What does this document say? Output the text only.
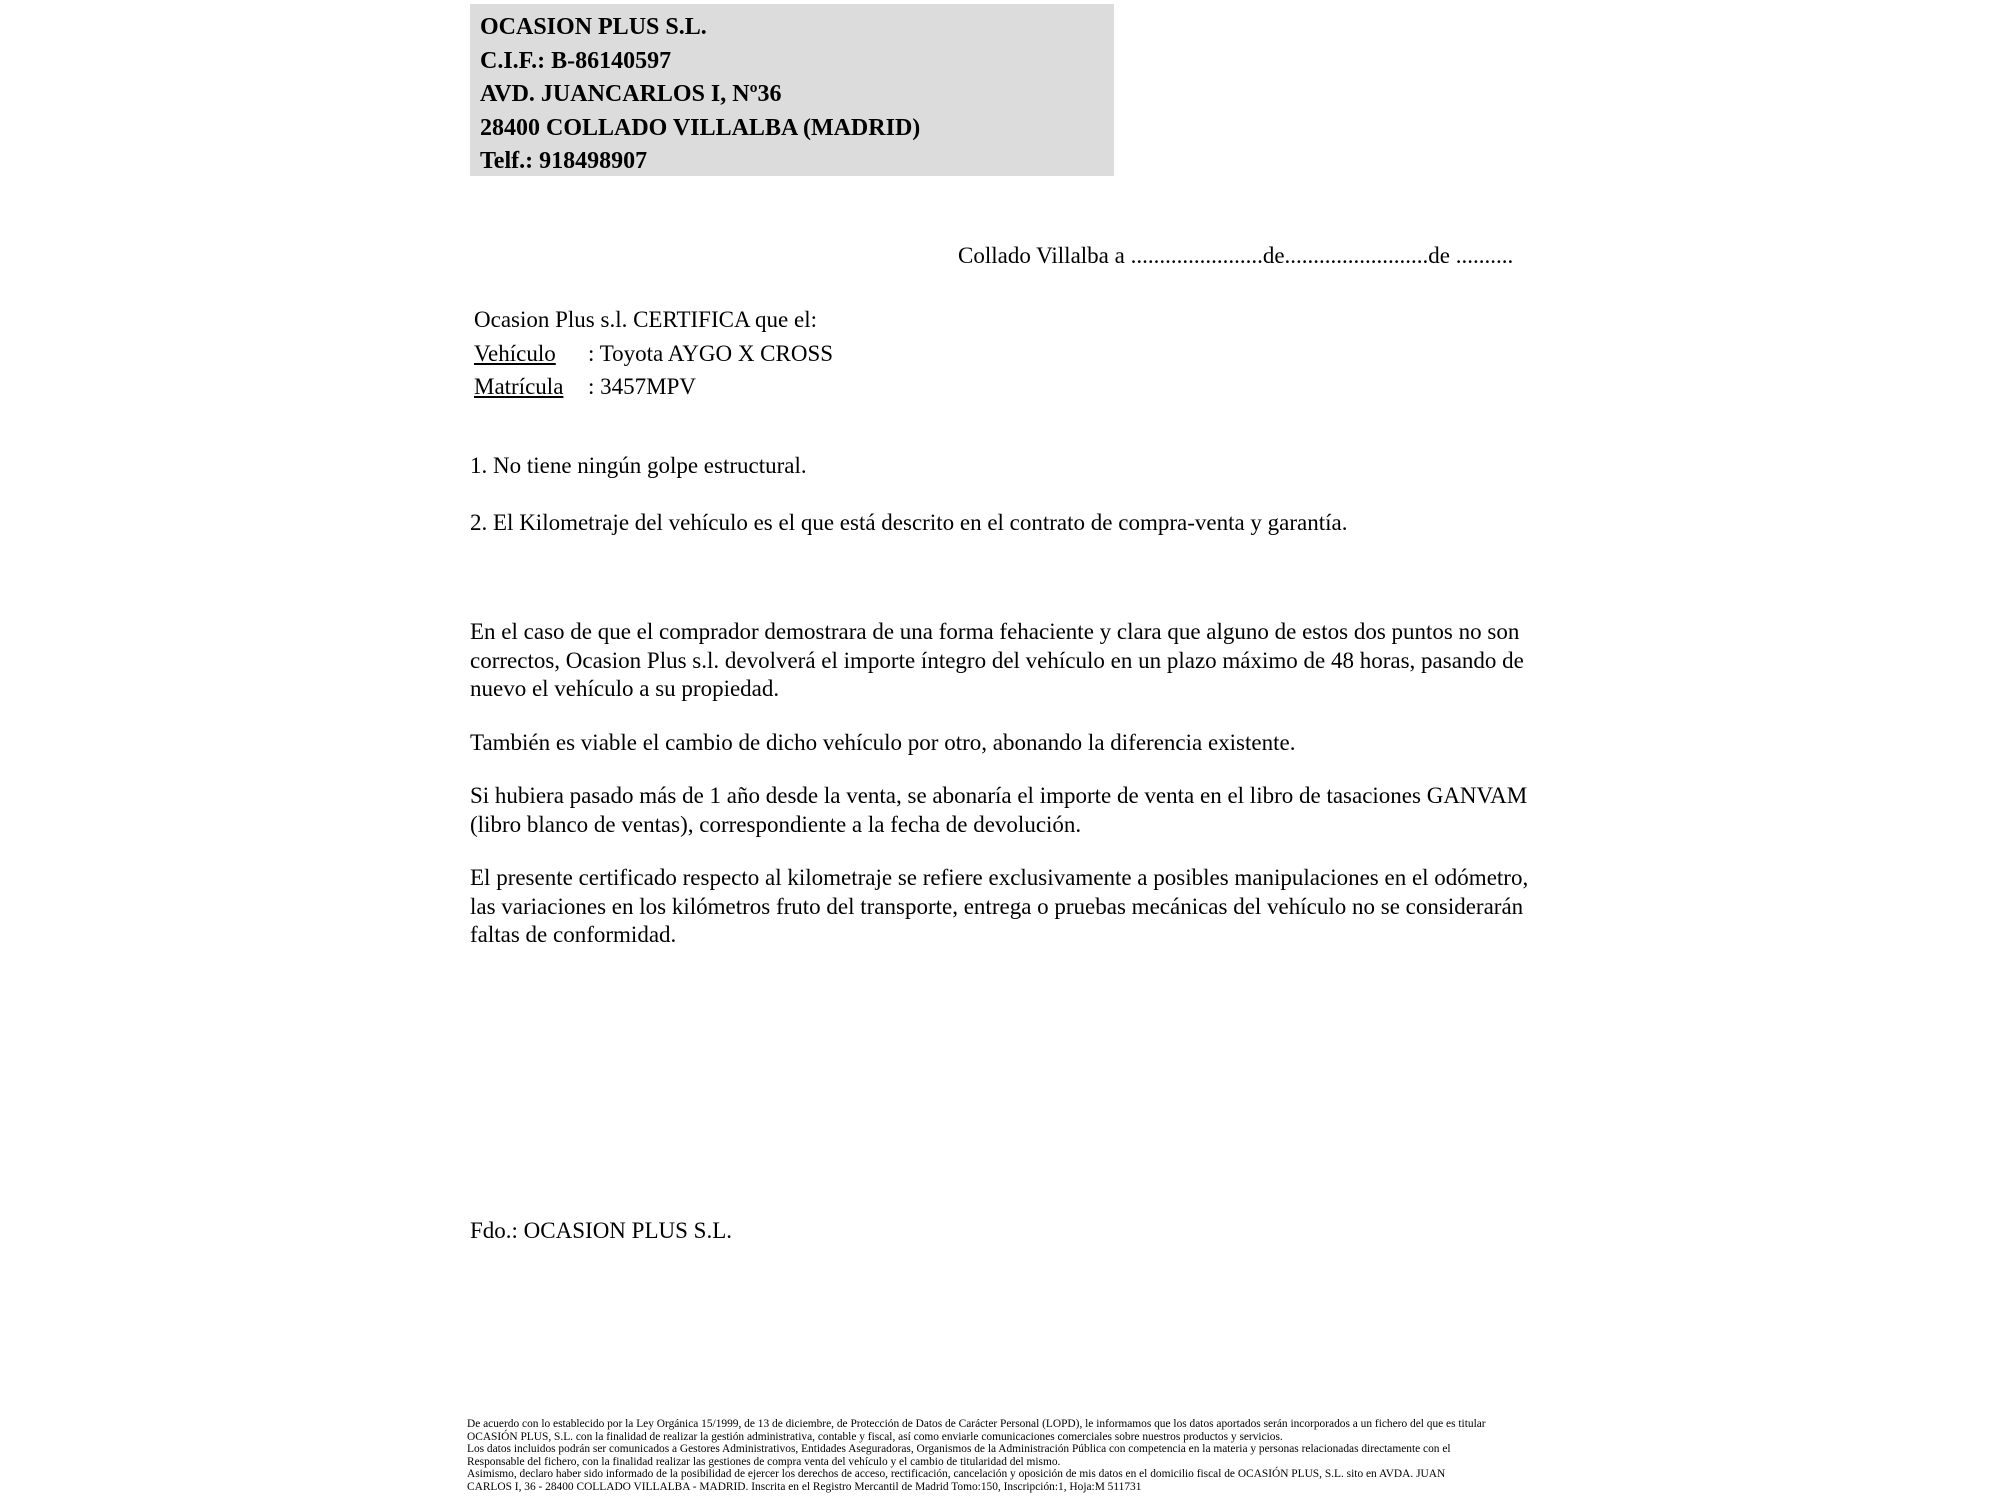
OCASION PLUS S.L.
C.I.F.: B-86140597
AVD. JUANCARLOS I, Nº36
28400 COLLADO VILLALBA (MADRID)
Telf.: 918498907
Collado Villalba a .......................de.........................de ..........
Ocasion Plus s.l. CERTIFICA que el:
Vehículo : Toyota AYGO X CROSS
Matrícula : 3457MPV

1. No tiene ningún golpe estructural.

2. El Kilometraje del vehículo es el que está descrito en el contrato de compra-venta y garantía.

En el caso de que el comprador demostrara de una forma fehaciente y clara que alguno de estos dos puntos no son correctos, Ocasion Plus s.l. devolverá el importe íntegro del vehículo en un plazo máximo de 48 horas, pasando de nuevo el vehículo a su propiedad.

También es viable el cambio de dicho vehículo por otro, abonando la diferencia existente.

Si hubiera pasado más de 1 año desde la venta, se abonaría el importe de venta en el libro de tasaciones GANVAM (libro blanco de ventas), correspondiente a la fecha de devolución.

El presente certificado respecto al kilometraje se refiere exclusivamente a posibles manipulaciones en el odómetro, las variaciones en los kilómetros fruto del transporte, entrega o pruebas mecánicas del vehículo no se considerarán faltas de conformidad.

Fdo.: OCASION PLUS S.L.
De acuerdo con lo establecido por la Ley Orgánica 15/1999, de 13 de diciembre, de Protección de Datos de Carácter Personal (LOPD), le informamos que los datos aportados serán incorporados a un fichero del que es titular
OCASIÓN PLUS, S.L. con la finalidad de realizar la gestión administrativa, contable y fiscal, así como enviarle comunicaciones comerciales sobre nuestros productos y servicios.
Los datos incluidos podrán ser comunicados a Gestores Administrativos, Entidades Aseguradoras, Organismos de la Administración Pública con competencia en la materia y personas relacionadas directamente con el
Responsable del fichero, con la finalidad realizar las gestiones de compra venta del vehículo y el cambio de titularidad del mismo.
Asimismo, declaro haber sido informado de la posibilidad de ejercer los derechos de acceso, rectificación, cancelación y oposición de mis datos en el domicilio fiscal de OCASIÓN PLUS, S.L. sito en AVDA. JUAN
CARLOS I, 36 - 28400 COLLADO VILLALBA - MADRID. Inscrita en el Registro Mercantil de Madrid Tomo:150, Inscripción:1, Hoja:M 511731
